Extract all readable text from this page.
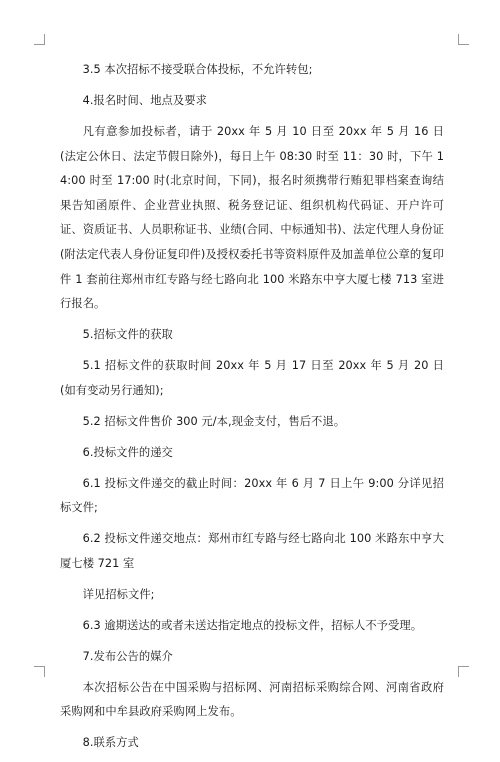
3.5 本次招标不接受联合体投标，不允许转包;

4.报名时间、地点及要求

凡有意参加投标者，请于 20xx 年 5 月 10 日至 20xx 年 5 月 16 日(法定公休日、法定节假日除外)，每日上午 08:30 时至 11：30 时，下午 14:00 时至 17:00 时(北京时间，下同)，报名时须携带行贿犯罪档案查询结果告知函原件、企业营业执照、税务登记证、组织机构代码证、开户许可证、资质证书、人员职称证书、业绩(合同、中标通知书)、法定代理人身份证(附法定代表人身份证复印件)及授权委托书等资料原件及加盖单位公章的复印件 1 套前往郑州市红专路与经七路向北 100 米路东中亨大厦七楼 713 室进行报名。

5.招标文件的获取

5.1 招标文件的获取时间 20xx 年 5 月 17 日至 20xx 年 5 月 20 日(如有变动另行通知);

5.2 招标文件售价 300 元/本,现金支付，售后不退。

6.投标文件的递交

6.1 投标文件递交的截止时间：20xx 年 6 月 7 日上午 9:00 分详见招标文件;

6.2 投标文件递交地点：郑州市红专路与经七路向北 100 米路东中亨大厦七楼 721 室

详见招标文件;

6.3 逾期送达的或者未送达指定地点的投标文件，招标人不予受理。

7.发布公告的媒介

本次招标公告在中国采购与招标网、河南招标采购综合网、河南省政府采购网和中牟县政府采购网上发布。

8.联系方式
